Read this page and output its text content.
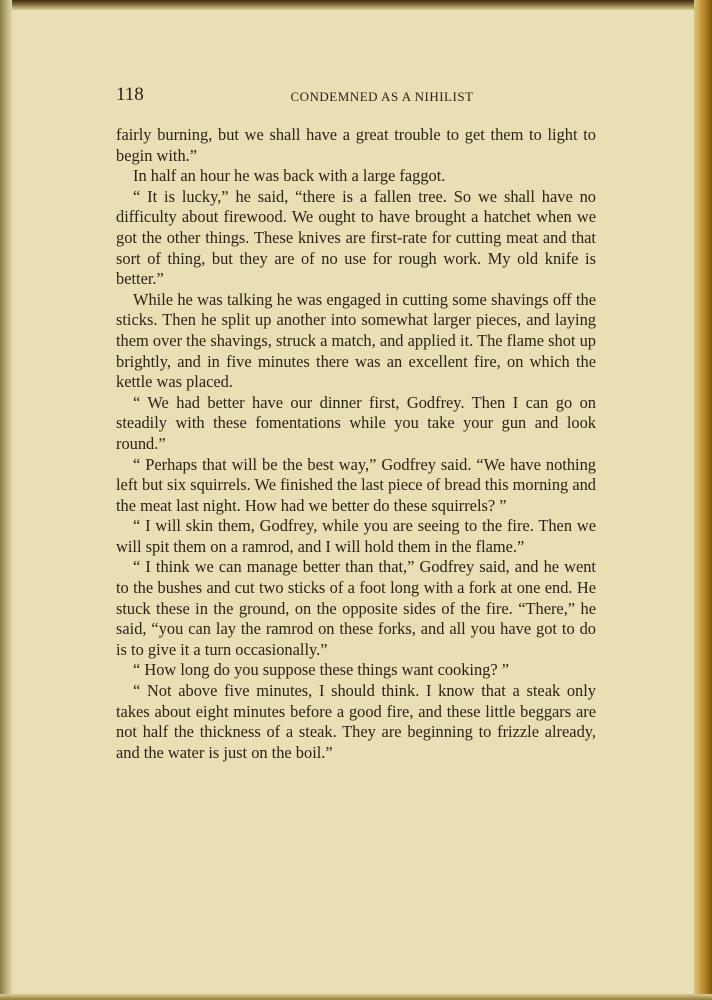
118	CONDEMNED AS A NIHILIST

fairly burning, but we shall have a great trouble to get them to light to begin with.”

In half an hour he was back with a large faggot.

“ It is lucky,” he said, “there is a fallen tree. So we shall have no difficulty about firewood. We ought to have brought a hatchet when we got the other things. These knives are first-rate for cutting meat and that sort of thing, but they are of no use for rough work. My old knife is better.”

While he was talking he was engaged in cutting some shavings off the sticks. Then he split up another into somewhat larger pieces, and laying them over the shavings, struck a match, and applied it. The flame shot up brightly, and in five minutes there was an excellent fire, on which the kettle was placed.

“ We had better have our dinner first, Godfrey. Then I can go on steadily with these fomentations while you take your gun and look round.”

“ Perhaps that will be the best way,” Godfrey said. “We have nothing left but six squirrels. We finished the last piece of bread this morning and the meat last night. How had we better do these squirrels? ”

“ I will skin them, Godfrey, while you are seeing to the fire. Then we will spit them on a ramrod, and I will hold them in the flame.”

“ I think we can manage better than that,” Godfrey said, and he went to the bushes and cut two sticks of a foot long with a fork at one end. He stuck these in the ground, on the opposite sides of the fire. “There,” he said, “you can lay the ramrod on these forks, and all you have got to do is to give it a turn occasionally.”

“ How long do you suppose these things want cooking? ”

“ Not above five minutes, I should think. I know that a steak only takes about eight minutes before a good fire, and these little beggars are not half the thickness of a steak. They are beginning to frizzle already, and the water is just on the boil.”
